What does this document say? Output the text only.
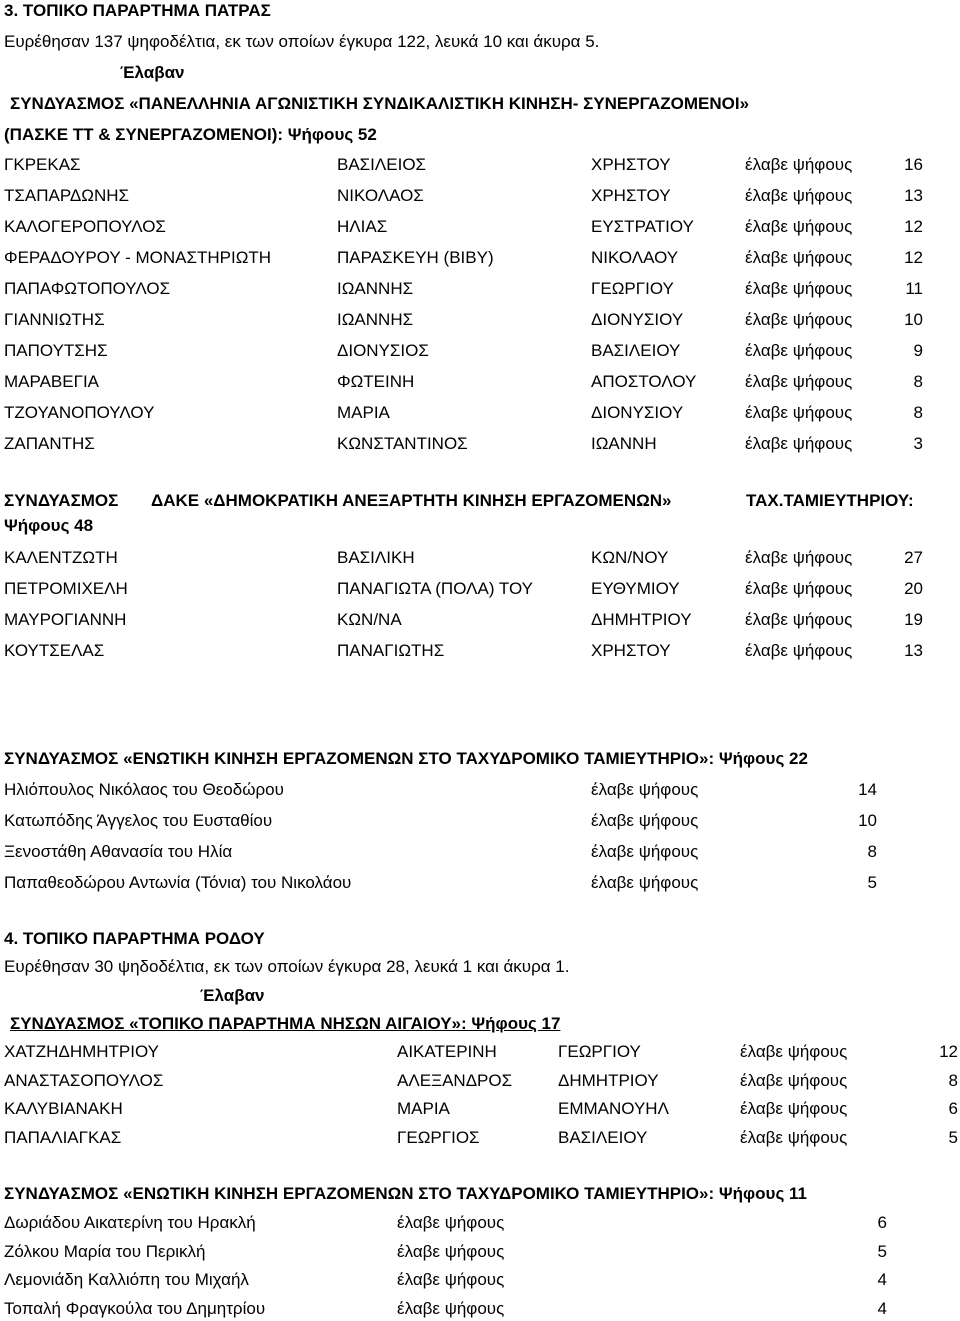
3. ΤΟΠΙΚΟ ΠΑΡΑΡΤΗΜΑ ΠΑΤΡΑΣ
Ευρέθησαν 137 ψηφοδέλτια, εκ των οποίων έγκυρα 122, λευκά 10 και άκυρα 5.
Έλαβαν
ΣΥΝΔΥΑΣΜΟΣ «ΠΑΝΕΛΛΗΝΙΑ ΑΓΩΝΙΣΤΙΚΗ ΣΥΝΔΙΚΑΛΙΣΤΙΚΗ ΚΙΝΗΣΗ- ΣΥΝΕΡΓΑΖΟΜΕΝΟΙ»
(ΠΑΣΚΕ ΤΤ & ΣΥΝΕΡΓΑΖΟΜΕΝΟΙ): Ψήφους 52
ΓΚΡΕΚΑΣ	ΒΑΣΙΛΕΙΟΣ	ΧΡΗΣΤΟΥ	έλαβε ψήφους	16
ΤΣΑΠΑΡΔΩΝΗΣ	ΝΙΚΟΛΑΟΣ	ΧΡΗΣΤΟΥ	έλαβε ψήφους	13
ΚΑΛΟΓΕΡΟΠΟΥΛΟΣ	ΗΛΙΑΣ	ΕΥΣΤΡΑΤΙΟΥ	έλαβε ψήφους	12
ΦΕΡΑΔΟΥΡΟΥ - ΜΟΝΑΣΤΗΡΙΩΤΗ	ΠΑΡΑΣΚΕΥΗ (ΒΙΒΥ)	ΝΙΚΟΛΑΟΥ	έλαβε ψήφους	12
ΠΑΠΑΦΩΤΟΠΟΥΛΟΣ	ΙΩΑΝΝΗΣ	ΓΕΩΡΓΙΟΥ	έλαβε ψήφους	11
ΓΙΑΝΝΙΩΤΗΣ	ΙΩΑΝΝΗΣ	ΔΙΟΝΥΣΙΟΥ	έλαβε ψήφους	10
ΠΑΠΟΥΤΣΗΣ	ΔΙΟΝΥΣΙΟΣ	ΒΑΣΙΛΕΙΟΥ	έλαβε ψήφους	9
ΜΑΡΑΒΕΓΙΑ	ΦΩΤΕΙΝΗ	ΑΠΟΣΤΟΛΟΥ	έλαβε ψήφους	8
ΤΖΟΥΑΝΟΠΟΥΛΟΥ	ΜΑΡΙΑ	ΔΙΟΝΥΣΙΟΥ	έλαβε ψήφους	8
ΖΑΠΑΝΤΗΣ	ΚΩΝΣΤΑΝΤΙΝΟΣ	ΙΩΑΝΝΗ	έλαβε ψήφους	3
ΣΥΝΔΥΑΣΜΟΣ ΔΑΚΕ «ΔΗΜΟΚΡΑΤΙΚΗ ΑΝΕΞΑΡΤΗΤΗ ΚΙΝΗΣΗ ΕΡΓΑΖΟΜΕΝΩΝ»	ΤΑΧ.ΤΑΜΙΕΥΤΗΡΙΟΥ:
Ψήφους 48
ΚΑΛΕΝΤΖΩΤΗ	ΒΑΣΙΛΙΚΗ	ΚΩΝ/ΝΟΥ	έλαβε ψήφους	27
ΠΕΤΡΟΜΙΧΕΛΗ	ΠΑΝΑΓΙΩΤΑ (ΠΟΛΑ) ΤΟΥ	ΕΥΘΥΜΙΟΥ	έλαβε ψήφους	20
ΜΑΥΡΟΓΙΑΝΝΗ	ΚΩΝ/ΝΑ	ΔΗΜΗΤΡΙΟΥ	έλαβε ψήφους	19
ΚΟΥΤΣΕΛΑΣ	ΠΑΝΑΓΙΩΤΗΣ	ΧΡΗΣΤΟΥ	έλαβε ψήφους	13
ΣΥΝΔΥΑΣΜΟΣ «ΕΝΩΤΙΚΗ ΚΙΝΗΣΗ ΕΡΓΑΖΟΜΕΝΩΝ ΣΤΟ ΤΑΧΥΔΡΟΜΙΚΟ ΤΑΜΙΕΥΤΗΡΙΟ»: Ψήφους 22
Ηλιόπουλος Νικόλαος του Θεοδώρου	έλαβε ψήφους	14
Κατωπόδης Άγγελος του Ευσταθίου	έλαβε ψήφους	10
Ξενοστάθη Αθανασία του Ηλία	έλαβε ψήφους	8
Παπαθεοδώρου Αντωνία (Τόνια) του Νικολάου	έλαβε ψήφους	5
4. ΤΟΠΙΚΟ ΠΑΡΑΡΤΗΜΑ ΡΟΔΟΥ
Ευρέθησαν 30 ψηδοδέλτια, εκ των οποίων έγκυρα 28, λευκά 1 και άκυρα 1.
Έλαβαν
ΣΥΝΔΥΑΣΜΟΣ «ΤΟΠΙΚΟ ΠΑΡΑΡΤΗΜΑ ΝΗΣΩΝ ΑΙΓΑΙΟΥ»: Ψήφους 17
ΧΑΤΖΗΔΗΜΗΤΡΙΟΥ	ΑΙΚΑΤΕΡΙΝΗ	ΓΕΩΡΓΙΟΥ	έλαβε ψήφους	12
ΑΝΑΣΤΑΣΟΠΟΥΛΟΣ	ΑΛΕΞΑΝΔΡΟΣ	ΔΗΜΗΤΡΙΟΥ	έλαβε ψήφους	8
ΚΑΛΥΒΙΑΝΑΚΗ	ΜΑΡΙΑ	ΕΜΜΑΝΟΥΗΛ	έλαβε ψήφους	6
ΠΑΠΑΛΙΑΓΚΑΣ	ΓΕΩΡΓΙΟΣ	ΒΑΣΙΛΕΙΟΥ	έλαβε ψήφους	5
ΣΥΝΔΥΑΣΜΟΣ «ΕΝΩΤΙΚΗ ΚΙΝΗΣΗ ΕΡΓΑΖΟΜΕΝΩΝ ΣΤΟ ΤΑΧΥΔΡΟΜΙΚΟ ΤΑΜΙΕΥΤΗΡΙΟ»: Ψήφους 11
Δωριάδου Αικατερίνη του Ηρακλή	έλαβε ψήφους	6
Ζόλκου Μαρία του Περικλή	έλαβε ψήφους	5
Λεμονιάδη Καλλιόπη του Μιχαήλ	έλαβε ψήφους	4
Τοπαλή Φραγκούλα του Δημητρίου	έλαβε ψήφους	4
